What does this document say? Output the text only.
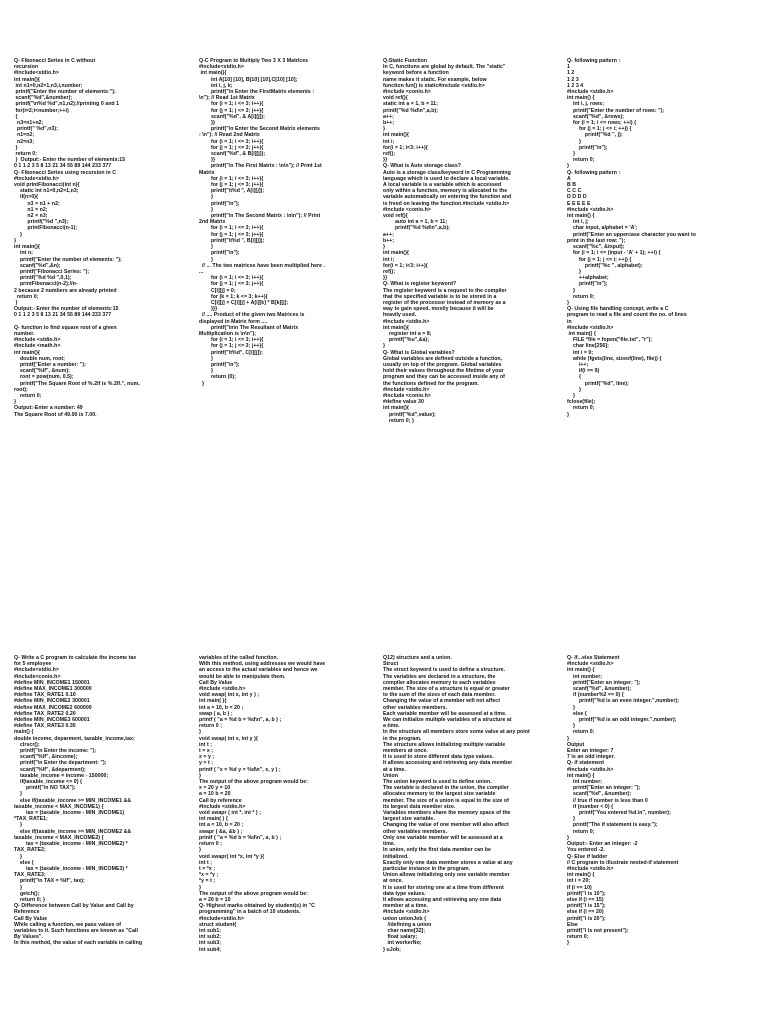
Q- Fibonacci Series in C without
recursion
#include<stdio.h>
int main(){
int n1=0,n2=1,n3,i,number;
printf("Enter the number of elements:");
scanf("%d",&number);
printf("\n%d %d",n1,n2);//printing 0 and 1
for(i=2;i<number;++i)
{
n3=n1+n2;
printf(" %d",n3);
n1=n2;
n2=n3;
}
return 0;
}  Output:- Enter the number of elements:15
0 1 1 2 3 5 8 13 21 34 55 89 144 233 377
Q- Fibonacci Series using recursion in C
#include<stdio.h>
void printFibonacci(int n){
static int n1=0,n2=1,n3;
if(n>0){
n3 = n1 + n2;
n1 = n2;
n2 = n3;
printf("%d ",n3);
printFibonacci(n-1);
}
}
int main(){
int n;
printf("Enter the number of elements: ");
scanf("%d",&n);
printf("Fibonacci Series: ");
printf("%d %d ",0,1);
printFibonacci(n-2);//n-
2 because 2 numbers are already printed
return 0;
}
Output:- Enter the number of elements:15
0 1 1 2 3 5 8 13 21 34 55 89 144 233 377

Q- function to find square root of a given
number.
#include <stdio.h>
#include <math.h>
int main(){
double num, root;
printf("Enter a number: ");
scanf("%lf", &num);
root = pow(num, 0.5);
printf("The Square Root of %.2lf is %.2lf.", num,
root);
return 0;
}
Output:-Enter a number: 49
The Square Root of 49.00 is 7.00.
Q-C Program to Multiply Two 3 X 3 Matrices
#include<stdio.h>
int main(){
int A[10] [10], B[10] [10],C[10] [10];
int i, j, k;
printf("\n Enter the FirstMatrix elements :
\n"); // Read 1st Matrix
for (i = 1; i <= 3; i++){
for (j = 1; j <= 3; j++){
scanf("%d", & A[i][j]);
}}
printf("\n Enter the Second Matrix elements
: \n"); // Read 2nd Matrix
for (i = 1; i <= 3; i++){
for (j = 1; j <= 3; j++){
scanf("%d", & B[i][j]);
}}
printf("\n The First Matrix : \n\n"); // Print 1st
Matrix
for (i = 1; i <= 3; i++){
for (j = 1; j <= 3; j++){
printf("\t%d ", A[i][j]);
}
printf("\n");
}
printf("\n The Second Matrix : \n\n"); // Print
2nd Matrix
for (i = 1; i <= 3; i++){
for (j = 1; j <= 3; j++){
printf("\t%d ", B[i][j]);
}
printf("\n");
}
// ... The two matrices have been multiplied here .
...
for (i = 1; i <= 3; i++){
for (j = 1; j <= 3; j++){
C[i][j] = 0;
for (k = 1; k <= 3; k++){
C[i][j] = C[i][j] + A[i][k] * B[k][j];
}}}
// .... Product of the given two Matrices is
displayed in Matrix form ....
printf("\n\n The Resultant of Matrix
Multiplication is \n\n");
for (i = 1; i <= 3; i++){
for (j = 1; j <= 3; j++){
printf("\t%d", C[i][j]);
}
printf("\n");
}
return (0);
}
Q-Static Function
In C, functions are global by default. The "static"
keyword before a function
name makes it static. For example, below
function fun() is static#include <stdio.h>
#include <conio.h>
void ref(){
static int a = 1, b = 11;
printf("%d %d\n",a,b);
a++;
b++;
}
int main(){
int i;
for(i = 1; i<3; i++){
ref();
}}
Q- What is Auto storage class?
Auto is a storage class/keyword in C Programming
language which is used to declare a local variable.
A local variable is a variable which is accessed
only within a function, memory is allocated to the
variable automatically on entering the function and
is freed on leaving the function.#include <stdio.h>
#include <conio.h>
void ref(){
auto int a = 1, b = 11;
printf("%d %d\n",a,b);
a++;
b++;
}
int main(){
int i;
for(i = 1; i<3; i++){
ref();
}}
Q- What is register keyword?
The register keyword is a request to the compiler
that the specified variable is to be stored in a
register of the processor instead of memory as a
way to gain speed, mostly because it will be
heavily used.
#include <stdio.h>
int main(){
register int a = 8;
printf("%u",&a);
}
Q- What is Global variables?
Global variables are defined outside a function,
usually on top of the program. Global variables
hold their values throughout the lifetime of your
program and they can be accessed inside any of
the functions defined for the program.
#include <stdio.h>
#include <conio.h>
#define value 30
int main(){
printf("%d",value);
return 0; }
Q- following pattern :
1
1 2
1 2 3
1 2 3 4
#include <stdio.h>
int main() {
int i, j, rows;
printf("Enter the number of rows: ");
scanf("%d", &rows);
for (i = 1; i <= rows; ++i) {
for (j = 1; j <= i; ++j) {
printf("%d ", j);
}
printf("\n");
}
return 0;
}
Q- following pattern :
A
B B
C C C
D D D D
E E E E E
#include <stdio.h>
int main() {
int i, j;
char input, alphabet = 'A';
printf("Enter an uppercase character you want to
print in the last row: ");
scanf("%c", &input);
for (i = 1; i <= (input - 'A' + 1); ++i) {
for (j = 1; j <= i; ++j) {
printf("%c ", alphabet);
}
++alphabet;
printf("\n");
}
return 0;
}
Q- Using file handling concept, write a C
program to read a file and count the no. of lines
in
#include <stdio.h>
int main() {
FILE *file = fopen("file.txt", "r");
char line[256];
int i = 0;
while (fgets(line, sizeof(line), file)) {
i++;
if(i == 9)
{
printf("%d", line);
}
}
fclose(file);
return 0;
}
Q- Write a C program to calculate the income tax
for 5 employee
#include<stdio.h>
#include<conio.h>
#define MIN_INCOME1 150001
#define MAX_INCOME1 300000
#define TAX_RATE1 0.10
#define MIN_INCOME2 300001
#define MAX_INCOME2 600000
#define TAX_RATE2 0.20
#define MIN_INCOME3 600001
#define TAX_RATE3 0.30
main() {
double income, deparment, taxable_income,tax;
clrscr();
printf("\n Enter the income: ");
scanf("%lf", &income);
printf("\n Enter the department: ");
scanf("%lf", &deparment);
taxable_income = income - 150000;
if(taxable_income <= 0) {
printf("\n NO TAX");
}
else if(taxable_income >= MIN_INCOME1 &&
taxable_income < MAX_INCOME1) {
tax = (taxable_income - MIN_INCOME1)
*TAX_RATE1;
}
else if(taxable_income >= MIN_INCOME2 &&
taxable_income < MAX_INCOME2) {
tax = (taxable_income - MIN_INCOME2) *
TAX_RATE2;
}
else {
tax = (taxable_income - MIN_INCOME3) *
TAX_RATE3;
printf("\n TAX = %lf", tax);
}
getch();
return 0; }
Q- Difference between Call by Value and Call by
Reference
Call By Value
While calling a function, we pass values of
variables to it. Such functions are known as "Call
By Values".
In this method, the value of each variable in calling
variables of the called function.
With this method, using addresses we would have
an access to the actual variables and hence we
would be able to manipulate them.
Call By Value
#include <stdio.h>
void swap( int x, int y ) ;
int main( ){
int a = 10, b = 20 ;
swap ( a, b ) ;
printf ( "a = %d b = %d\n", a, b ) ;
return 0 ;
}
void swap( int x, int y ){
int t ;
t = x ;
x = y ;
y = t ;
printf ( "x = %d y = %d\n", x, y ) ;
}
The output of the above program would be:
x = 20 y = 10
a = 10 b = 20
Call by reference
#include <stdio.h>
void swapr ( int *, int * ) ;
int main( ) {
int a = 10, b = 20 ;
swapr ( &a, &b ) ;
printf ( "a = %d b = %d\n", a, b ) ;
return 0 ;
}
void swapr( int *x, int *y ){
int t ;
t = *x ;
*x = *y ;
*y = t ;
}
The output of the above program would be:
a = 20 b = 10
Q- Highest marks obtained by student(s) in "C
programming" in a batch of 10 students.
#include<stdio.h>
struct student{
int sub1;
int sub2;
int sub3;
int sub4;
Q12) structure and a union.
Struct
The struct keyword is used to define a structure.
The variables are declared in a structure, the
compiler allocates memory to each variables
member. The size of a structure is equal or greater
to the sum of the sizes of each data member.
Changing the value of a member will not affect
other variables members.
Each variable member will be assessed at a time.
We can initialize multiple variables of a structure at
a time.
In the structure all members store some value at any point
in the program.
The structure allows initializing multiple variable
members at once.
It is used to store different data type values.
It allows accessing and retrieving any data member
at a time.
Union
The union keyword is used to define union.
The variable is declared in the union, the compiler
allocates memory to the largest size variable
member. The size of a union is equal to the size of
its largest data member size.
Variables members share the memory space of the
largest size variable.
Changing the value of one member will also affect
other variables members.
Only one variable member will be assessed at a
time.
In union, only the first data member can be
initialized.
Exactly only one data member stores a value at any
particular instance in the program.
Union allows initializing only one variable member
at once.
It is used for storing one at a time from different
data type values.
It allows accessing and retrieving any one data
member at a time.
#include <stdio.h>
union unionJob {
//defining a union
char name[32];
float salary;
int workerNo;
} uJob;
Q- If...else Statement
#include <stdio.h>
int main() {
int number;
printf("Enter an integer: ");
scanf("%d", &number);
if (number%2 == 0) {
printf("%d is an even integer.",number);
}
else {
printf("%d is an odd integer.",number);
}
return 0;
}
Output
Enter an integer: 7
7 is an odd integer.
Q- if statement
#include <stdio.h>
int main() {
int number;
printf("Enter an integer: ");
scanf("%d", &number);
// true if number is less than 0
if (number < 0) {
printf("You entered %d.\n", number);
}
printf("The if statement is easy.");
return 0;
}
Output:- Enter an integer: -2
You entered -2.
Q- Else if ladder
// C program to illustrate nested-if statement
#include <stdio.h>
int main() {
int i = 20;
if (i == 10)
printf("i is 10");
else if (i == 15)
printf("i is 15");
else if (i == 20)
printf("i is 20");
Else
printf("i is not present");
return 0;
}
